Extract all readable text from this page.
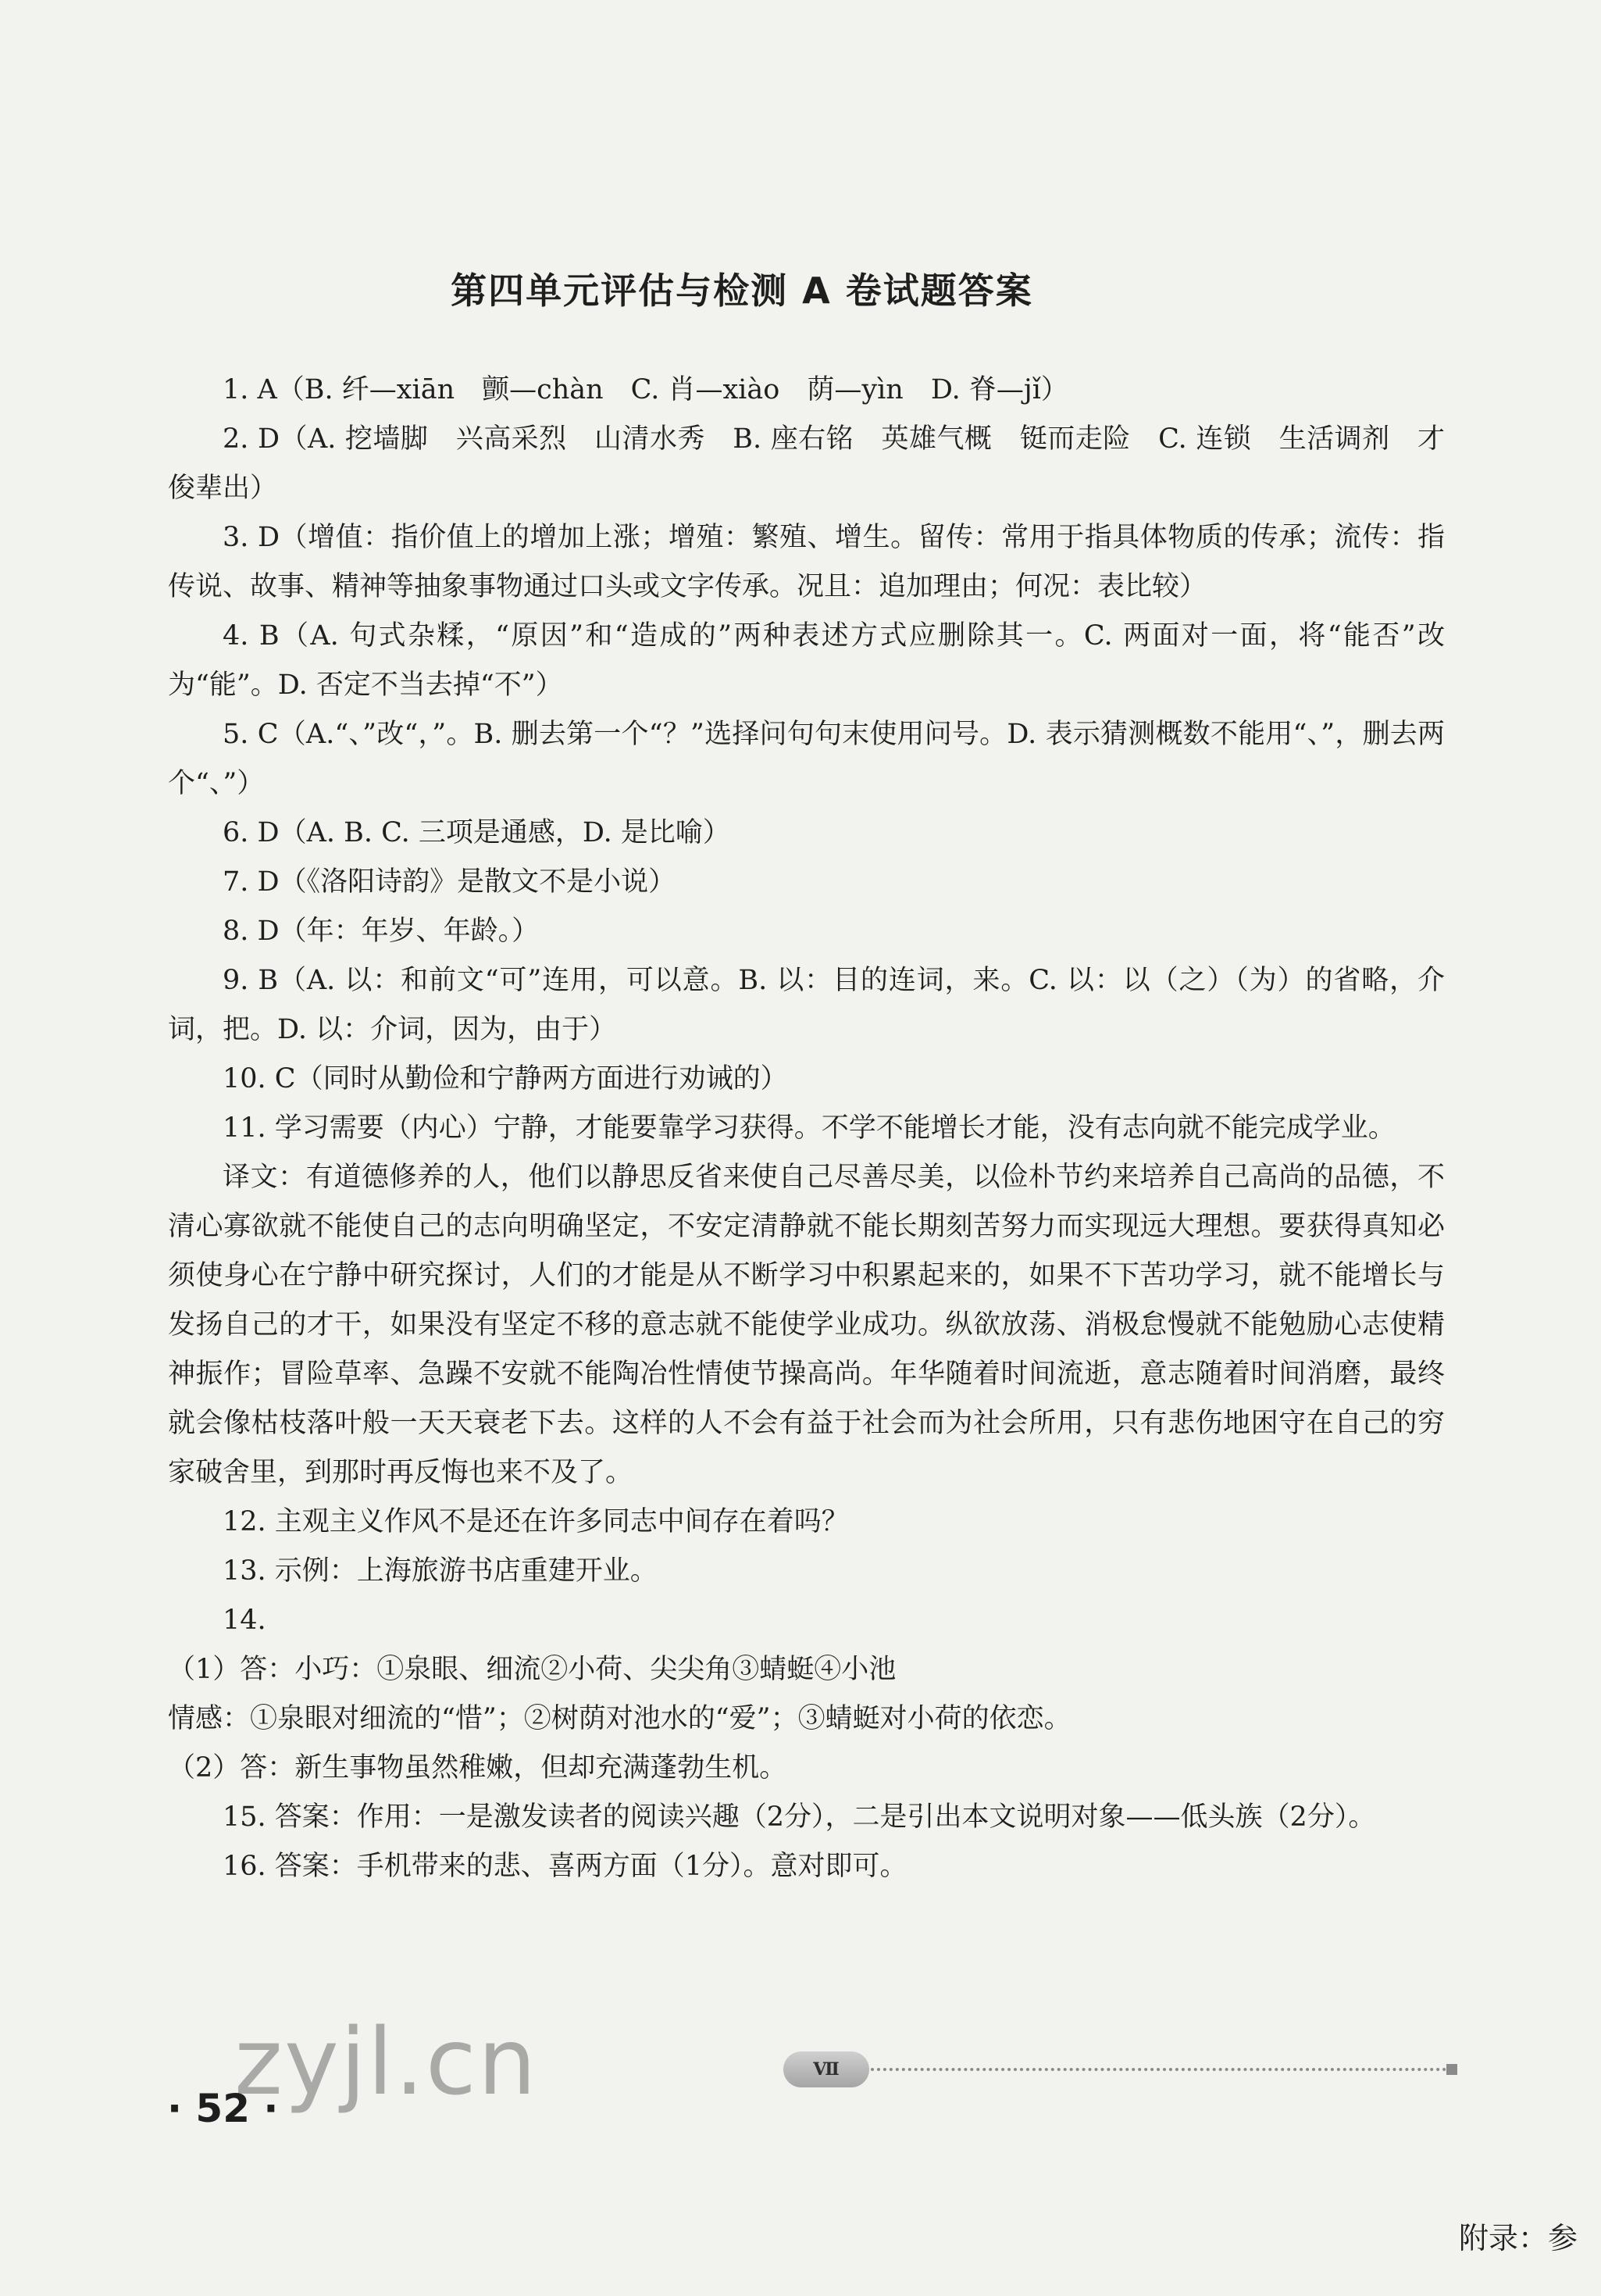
第四单元评估与检测 A 卷试题答案

1. A（B. 纤—xiān　颤—chàn　C. 肖—xiào　荫—yìn　D. 脊—jǐ）

2. D（A. 挖墙脚　兴高采烈　山清水秀　B. 座右铭　英雄气概　铤而走险　C. 连锁　生活调剂　才俊辈出）

3. D（增值：指价值上的增加上涨；增殖：繁殖、增生。留传：常用于指具体物质的传承；流传：指传说、故事、精神等抽象事物通过口头或文字传承。况且：追加理由；何况：表比较）

4. B（A. 句式杂糅，“原因”和“造成的”两种表述方式应删除其一。C. 两面对一面，将“能否”改为“能”。D. 否定不当去掉“不”）

5. C（A.“、”改“，”。B. 删去第一个“？”选择问句句末使用问号。D. 表示猜测概数不能用“、”，删去两个“、”）

6. D（A. B. C. 三项是通感，D. 是比喻）

7. D（《洛阳诗韵》是散文不是小说）

8. D（年：年岁、年龄。）

9. B（A. 以：和前文“可”连用，可以意。B. 以：目的连词，来。C. 以：以（之）（为）的省略，介词，把。D. 以：介词，因为，由于）

10. C（同时从勤俭和宁静两方面进行劝诫的）

11. 学习需要（内心）宁静，才能要靠学习获得。不学不能增长才能，没有志向就不能完成学业。

译文：有道德修养的人，他们以静思反省来使自己尽善尽美，以俭朴节约来培养自己高尚的品德，不清心寡欲就不能使自己的志向明确坚定，不安定清静就不能长期刻苦努力而实现远大理想。要获得真知必须使身心在宁静中研究探讨，人们的才能是从不断学习中积累起来的，如果不下苦功学习，就不能增长与发扬自己的才干，如果没有坚定不移的意志就不能使学业成功。纵欲放荡、消极怠慢就不能勉励心志使精神振作；冒险草率、急躁不安就不能陶冶性情使节操高尚。年华随着时间流逝，意志随着时间消磨，最终就会像枯枝落叶般一天天衰老下去。这样的人不会有益于社会而为社会所用，只有悲伤地困守在自己的穷家破舍里，到那时再反悔也来不及了。

12. 主观主义作风不是还在许多同志中间存在着吗？

13. 示例：上海旅游书店重建开业。

14.

（1）答：小巧：①泉眼、细流②小荷、尖尖角③蜻蜓④小池

情感：①泉眼对细流的“惜”；②树荫对池水的“爱”；③蜻蜓对小荷的依恋。

（2）答：新生事物虽然稚嫩，但却充满蓬勃生机。

15. 答案：作用：一是激发读者的阅读兴趣（2分），二是引出本文说明对象——低头族（2分）。

16. 答案：手机带来的悲、喜两方面（1分）。意对即可。

zyjl.cn
· 52 ·
Ⅶ
附录：参
